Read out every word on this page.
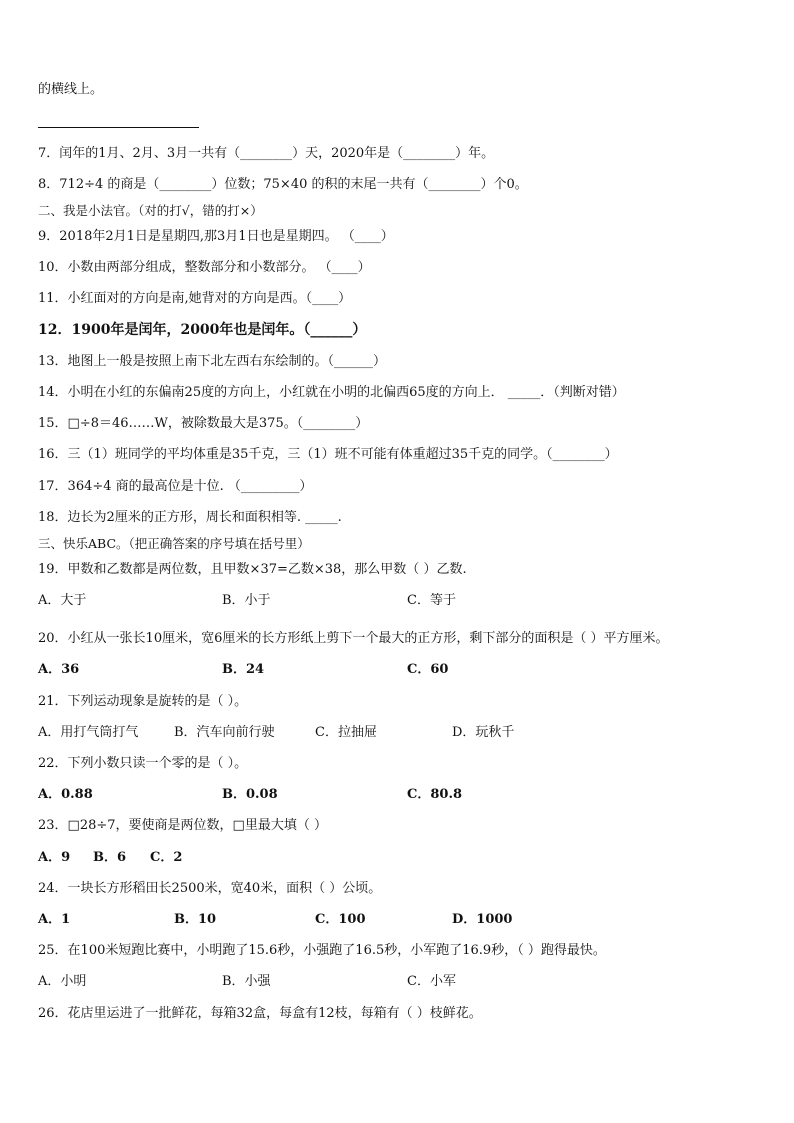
的横线上。
7．闰年的1月、2月、3月一共有（________）天，2020年是（________）年。
8．712÷4 的商是（________）位数；75×40 的积的末尾一共有（________）个0。
二、我是小法官。（对的打√，错的打×）
9．2018年2月1日是星期四,那3月1日也是星期四。 （____）
10．小数由两部分组成，整数部分和小数部分。 （____）
11．小红面对的方向是南,她背对的方向是西。（____）
12．1900年是闰年，2000年也是闰年。（______）
13．地图上一般是按照上南下北左西右东绘制的。（______）
14．小明在小红的东偏南25度的方向上，小红就在小明的北偏西65度的方向上． _____．（判断对错）
15．□÷8＝46……W，被除数最大是375。（________）
16．三（1）班同学的平均体重是35千克，三（1）班不可能有体重超过35千克的同学。（________）
17．364÷4 商的最高位是十位. （_________）
18．边长为2厘米的正方形，周长和面积相等. _____.
三、快乐ABC。（把正确答案的序号填在括号里）
19．甲数和乙数都是两位数，且甲数×37=乙数×38，那么甲数（ ）乙数.
A．大于	B．小于	C．等于
20．小红从一张长10厘米，宽6厘米的长方形纸上剪下一个最大的正方形，剩下部分的面积是（ ）平方厘米。
A．36	B．24	C．60
21．下列运动现象是旋转的是（ ）。
A．用打气筒打气	B．汽车向前行驶	C．拉抽屉	D．玩秋千
22．下列小数只读一个零的是（ ）。
A．0.88	B．0.08	C．80.8
23．□28÷7，要使商是两位数，□里最大填（ ）
A．9 B．6 C．2
24．一块长方形稻田长2500米，宽40米，面积（ ）公顷。
A．1	B．10	C．100	D．1000
25．在100米短跑比赛中，小明跑了15.6秒，小强跑了16.5秒，小军跑了16.9秒，（ ）跑得最快。
A．小明	B．小强	C．小军
26．花店里运进了一批鲜花，每箱32盒，每盒有12枝，每箱有（ ）枝鲜花。
